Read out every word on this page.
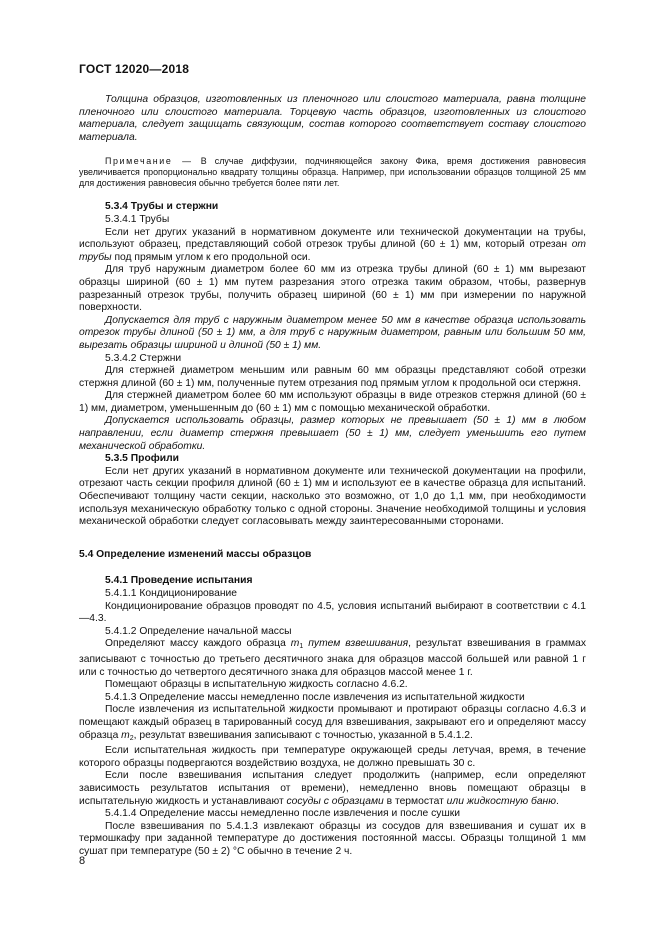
ГОСТ 12020—2018

Толщина образцов, изготовленных из пленочного или слоистого материала, равна толщине пленочного или слоистого материала. Торцевую часть образцов, изготовленных из слоистого материала, следует защищать связующим, состав которого соответствует составу слоистого материала.

Примечание — В случае диффузии, подчиняющейся закону Фика, время достижения равновесия увеличивается пропорционально квадрату толщины образца. Например, при использовании образцов толщиной 25 мм для достижения равновесия обычно требуется более пяти лет.

5.3.4 Трубы и стержни

5.3.4.1 Трубы

Если нет других указаний в нормативном документе или технической документации на трубы, используют образец, представляющий собой отрезок трубы длиной (60 ± 1) мм, который отрезан от трубы под прямым углом к его продольной оси.

Для труб наружным диаметром более 60 мм из отрезка трубы длиной (60 ± 1) мм вырезают образцы шириной (60 ± 1) мм путем разрезания этого отрезка таким образом, чтобы, развернув разрезанный отрезок трубы, получить образец шириной (60 ± 1) мм при измерении по наружной поверхности.

Допускается для труб с наружным диаметром менее 50 мм в качестве образца использовать отрезок трубы длиной (50 ± 1) мм, а для труб с наружным диаметром, равным или большим 50 мм, вырезать образцы шириной и длиной (50 ± 1) мм.

5.3.4.2 Стержни

Для стержней диаметром меньшим или равным 60 мм образцы представляют собой отрезки стержня длиной (60 ± 1) мм, полученные путем отрезания под прямым углом к продольной оси стержня.

Для стержней диаметром более 60 мм используют образцы в виде отрезков стержня длиной (60 ± 1) мм, диаметром, уменьшенным до (60 ± 1) мм с помощью механической обработки.

Допускается использовать образцы, размер которых не превышает (50 ± 1) мм в любом направлении, если диаметр стержня превышает (50 ± 1) мм, следует уменьшить его путем механической обработки.

5.3.5 Профили

Если нет других указаний в нормативном документе или технической документации на профили, отрезают часть секции профиля длиной (60 ± 1) мм и используют ее в качестве образца для испытаний. Обеспечивают толщину части секции, насколько это возможно, от 1,0 до 1,1 мм, при необходимости используя механическую обработку только с одной стороны. Значение необходимой толщины и условия механической обработки следует согласовывать между заинтересованными сторонами.

5.4 Определение изменений массы образцов

5.4.1 Проведение испытания

5.4.1.1 Кондиционирование

Кондиционирование образцов проводят по 4.5, условия испытаний выбирают в соответствии с 4.1—4.3.

5.4.1.2 Определение начальной массы

Определяют массу каждого образца $m_1$ путем взвешивания, результат взвешивания в граммах записывают с точностью до третьего десятичного знака для образцов массой большей или равной 1 г или с точностью до четвертого десятичного знака для образцов массой менее 1 г.

Помещают образцы в испытательную жидкость согласно 4.6.2.

5.4.1.3 Определение массы немедленно после извлечения из испытательной жидкости

После извлечения из испытательной жидкости промывают и протирают образцы согласно 4.6.3 и помещают каждый образец в тарированный сосуд для взвешивания, закрывают его и определяют массу образца $m_2$, результат взвешивания записывают с точностью, указанной в 5.4.1.2.

Если испытательная жидкость при температуре окружающей среды летучая, время, в течение которого образцы подвергаются воздействию воздуха, не должно превышать 30 с.

Если после взвешивания испытания следует продолжить (например, если определяют зависимость результатов испытания от времени), немедленно вновь помещают образцы в испытательную жидкость и устанавливают сосуды с образцами в термостат или жидкостную баню.

5.4.1.4 Определение массы немедленно после извлечения и после сушки

После взвешивания по 5.4.1.3 извлекают образцы из сосудов для взвешивания и сушат их в термошкафу при заданной температуре до достижения постоянной массы. Образцы толщиной 1 мм сушат при температуре (50 ± 2) °С обычно в течение 2 ч.

8
